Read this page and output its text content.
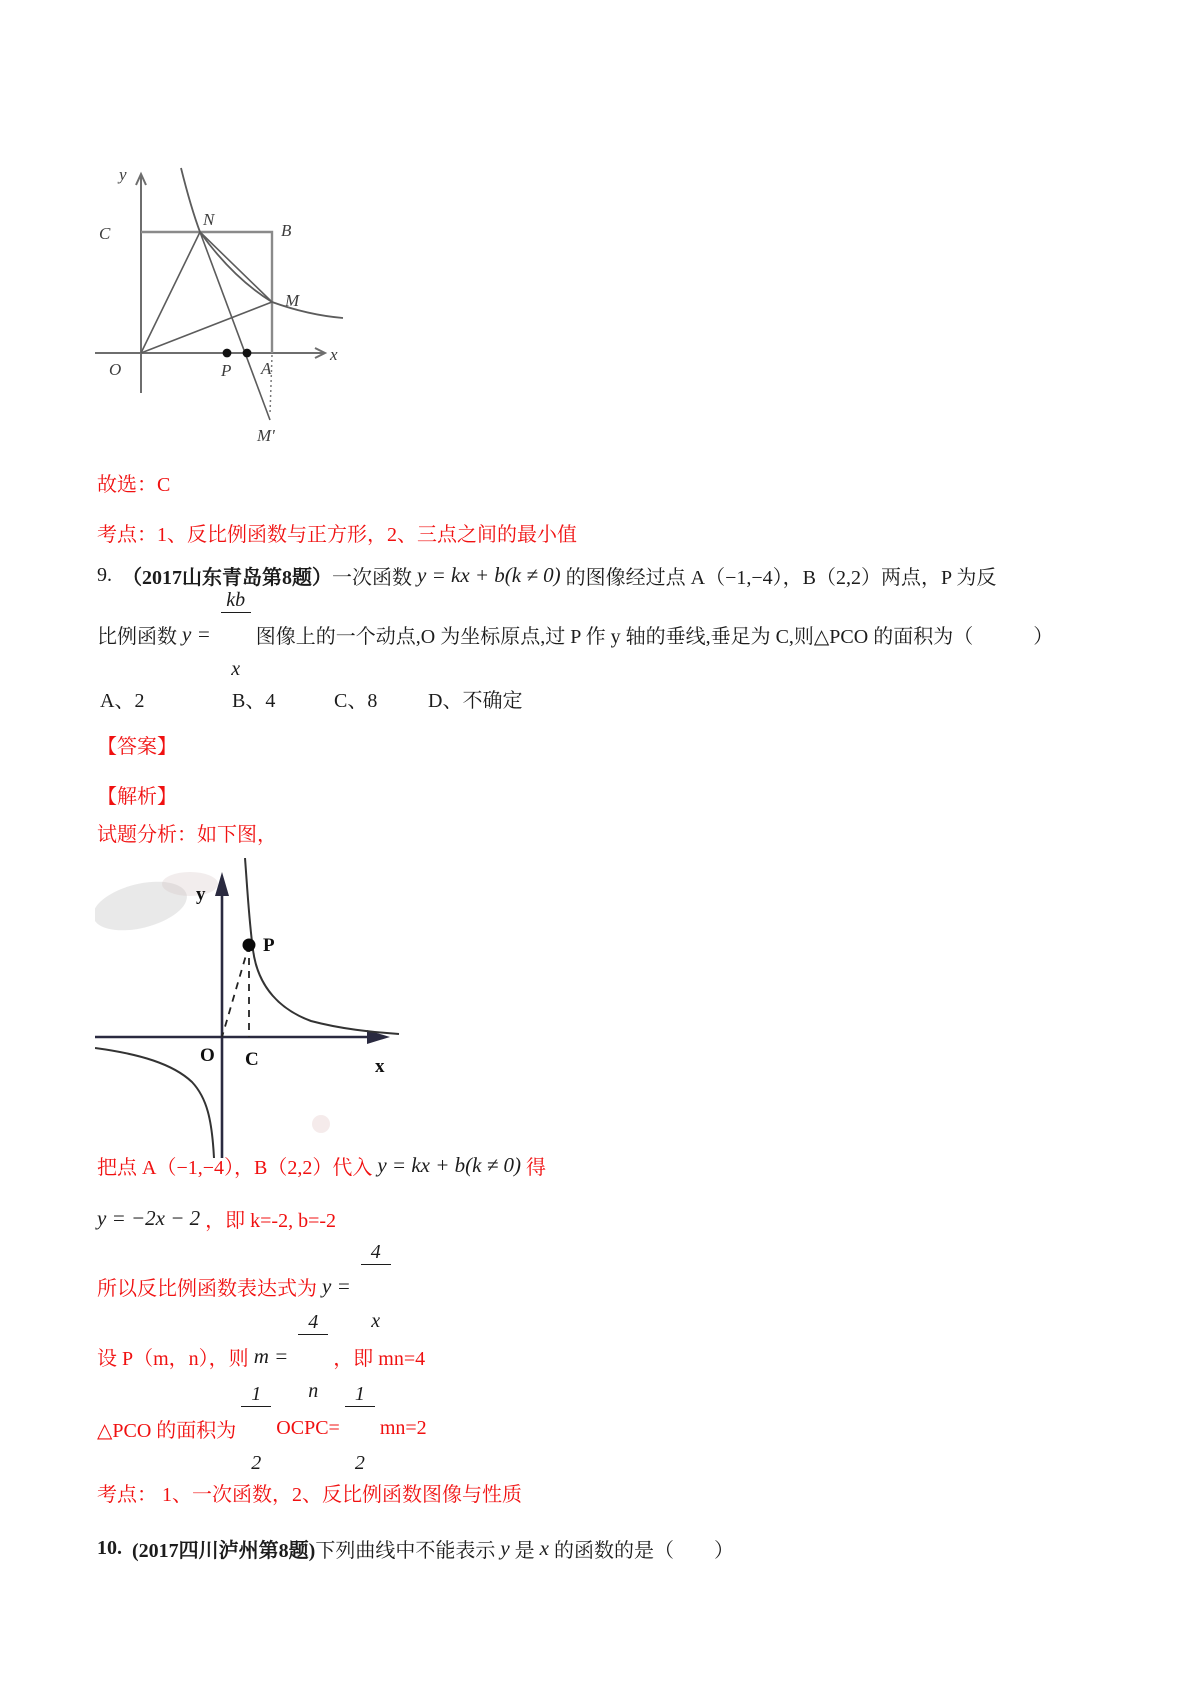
y
x
O
C
N
B
M
P A
M'
故选：C
考点：1、反比例函数与正方形，2、三点之间的最小值
9.
（2017山东青岛第8题） 一次函数 y = kx + b(k ≠ 0) 的图像经过点 A（−1,−4），B（2,2）两点，P 为反
比例函数 y =

$\frac{kb}{x}$

图像上的一个动点,O 为坐标原点,过 P 作 y 轴的垂线,垂足为 C,则△PCO 的面积为（　　　）
A、2	B、4	C、8	D、不确定
【答案】
【解析】
试题分析：如下图，
y
x
O C
P
把点 A（−1,−4），B（2,2）代入 y = kx + b(k ≠ 0) 得
y = −2x − 2 ，即 k=-2, b=-2
所以反比例函数表达式为 y =

$\frac{4}{x}$

设 P（m，n），则 m =

$\frac{4}{n}$

，即 mn=4
△PCO 的面积为

$\frac{1}{2}$

OCPC=

$\frac{1}{2}$

mn=2
考点： 1、一次函数，2、反比例函数图像与性质
10.
(2017四川泸州第8题) 下列曲线中不能表示 y 是 x 的函数的是（　　）
